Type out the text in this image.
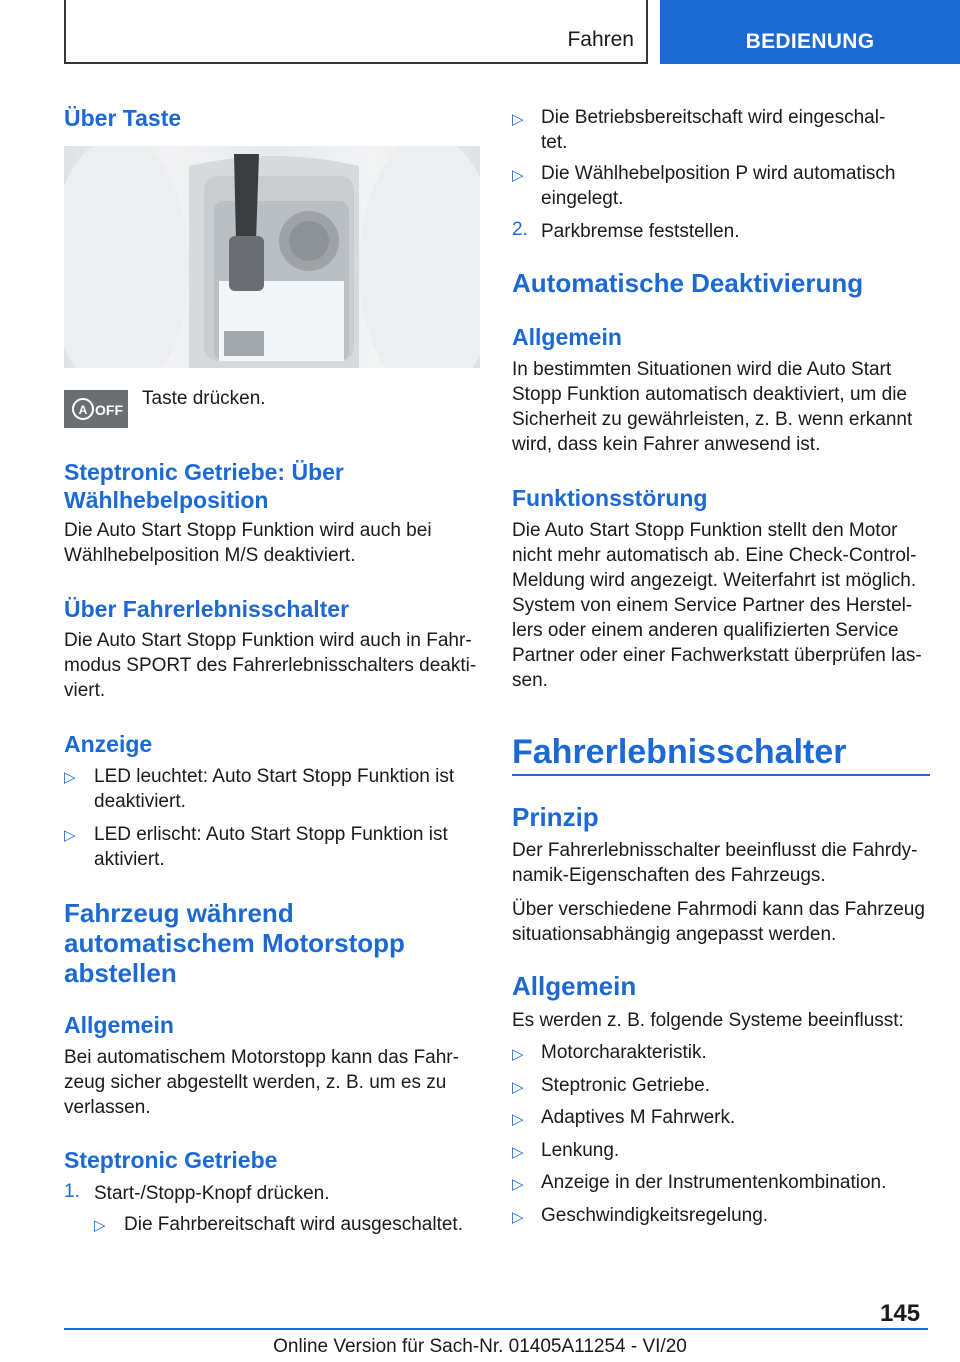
Fahren	BEDIENUNG
Über Taste
A OFF
Taste drücken.
Steptronic Getriebe: Über
Wählhebelposition
Die Auto Start Stopp Funktion wird auch bei
Wählhebelposition M/S deaktiviert.
Über Fahrerlebnisschalter
Die Auto Start Stopp Funktion wird auch in Fahr‐
modus SPORT des Fahrerlebnisschalters deakti‐
viert.
Anzeige
▷ LED leuchtet: Auto Start Stopp Funktion ist
deaktiviert.
▷ LED erlischt: Auto Start Stopp Funktion ist
aktiviert.
Fahrzeug während
automatischem Motorstopp
abstellen
Allgemein
Bei automatischem Motorstopp kann das Fahr‐
zeug sicher abgestellt werden, z. B. um es zu
verlassen.
Steptronic Getriebe
1. Start-/Stopp-Knopf drücken.
▷ Die Fahrbereitschaft wird ausgeschaltet.
▷ Die Betriebsbereitschaft wird eingeschal‐
tet.
▷ Die Wählhebelposition P wird automatisch
eingelegt.
2. Parkbremse feststellen.
Automatische Deaktivierung
Allgemein
In bestimmten Situationen wird die Auto Start
Stopp Funktion automatisch deaktiviert, um die
Sicherheit zu gewährleisten, z. B. wenn erkannt
wird, dass kein Fahrer anwesend ist.
Funktionsstörung
Die Auto Start Stopp Funktion stellt den Motor
nicht mehr automatisch ab. Eine Check-Control-
Meldung wird angezeigt. Weiterfahrt ist möglich.
System von einem Service Partner des Herstel‐
lers oder einem anderen qualifizierten Service
Partner oder einer Fachwerkstatt überprüfen las‐
sen.
Fahrerlebnisschalter
Prinzip
Der Fahrerlebnisschalter beeinflusst die Fahrdy‐
namik-Eigenschaften des Fahrzeugs.
Über verschiedene Fahrmodi kann das Fahrzeug
situationsabhängig angepasst werden.
Allgemein
Es werden z. B. folgende Systeme beeinflusst:
▷ Motorcharakteristik.
▷ Steptronic Getriebe.
▷ Adaptives M Fahrwerk.
▷ Lenkung.
▷ Anzeige in der Instrumentenkombination.
▷ Geschwindigkeitsregelung.
145
Online Version für Sach-Nr. 01405A11254 - VI/20
